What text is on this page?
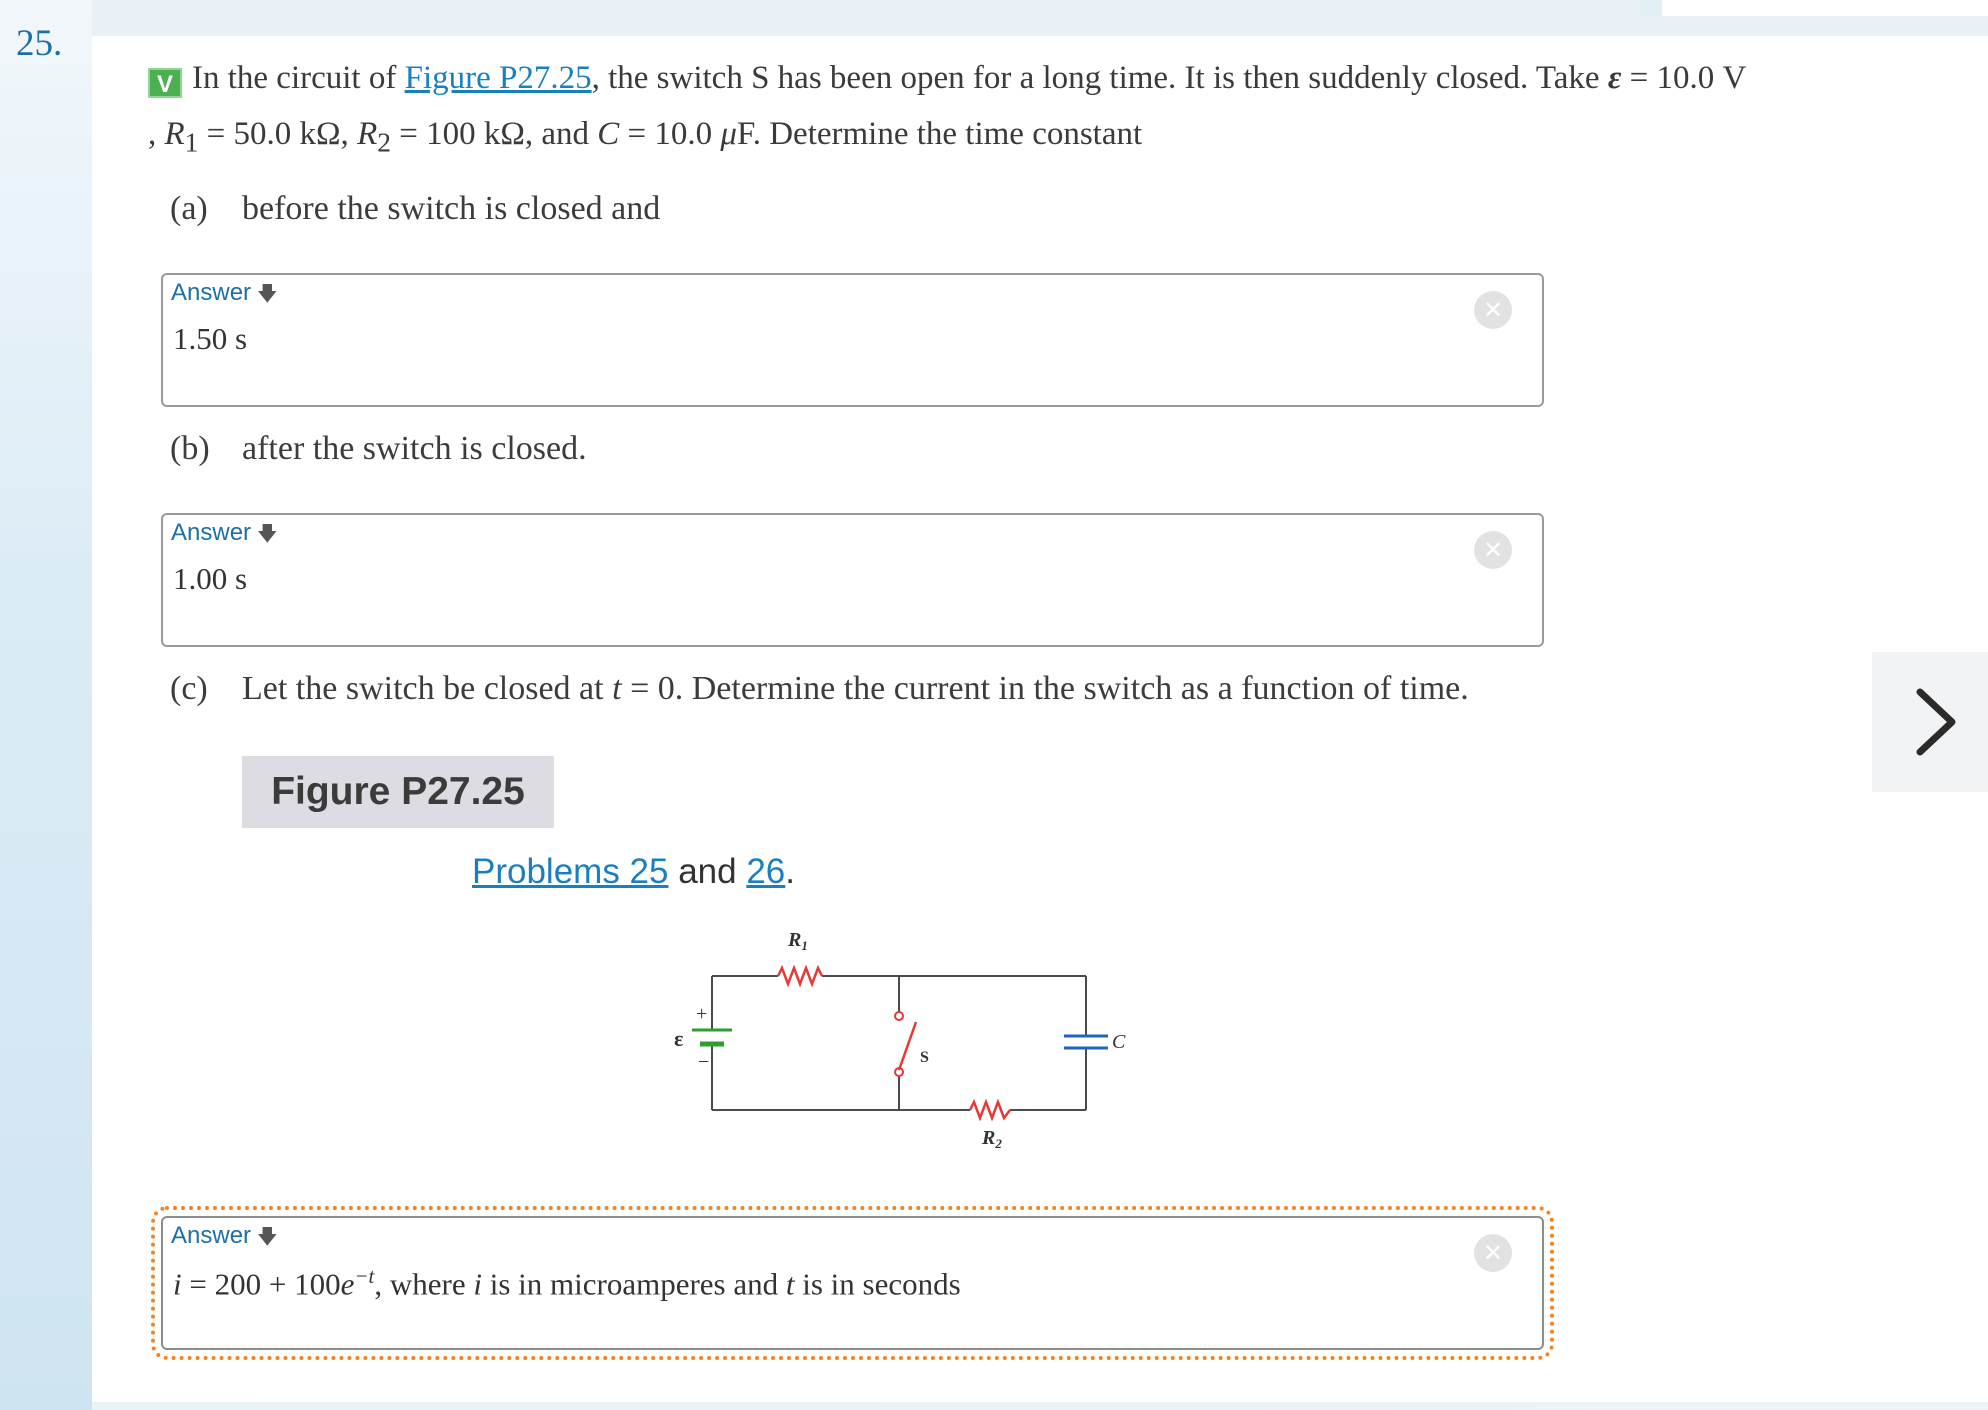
25.
V In the circuit of Figure P27.25, the switch S has been open for a long time. It is then suddenly closed. Take ε = 10.0 V
, $R_1 = 50.0$ kΩ, $R_2 = 100$ kΩ, and C = 10.0 μF. Determine the time constant
(a) before the switch is closed and
Answer 🡇
1.50 s
✕
(b) after the switch is closed.
Answer 🡇
1.00 s
✕
(c) Let the switch be closed at t = 0. Determine the current in the switch as a function of time.
Figure P27.25
Problems 25 and 26.
+
ε
−
$R_1$
S
$R_2$
C
Answer 🡇
$i = 200 + 100e^{-t}$, where i is in microamperes and t is in seconds
✕
